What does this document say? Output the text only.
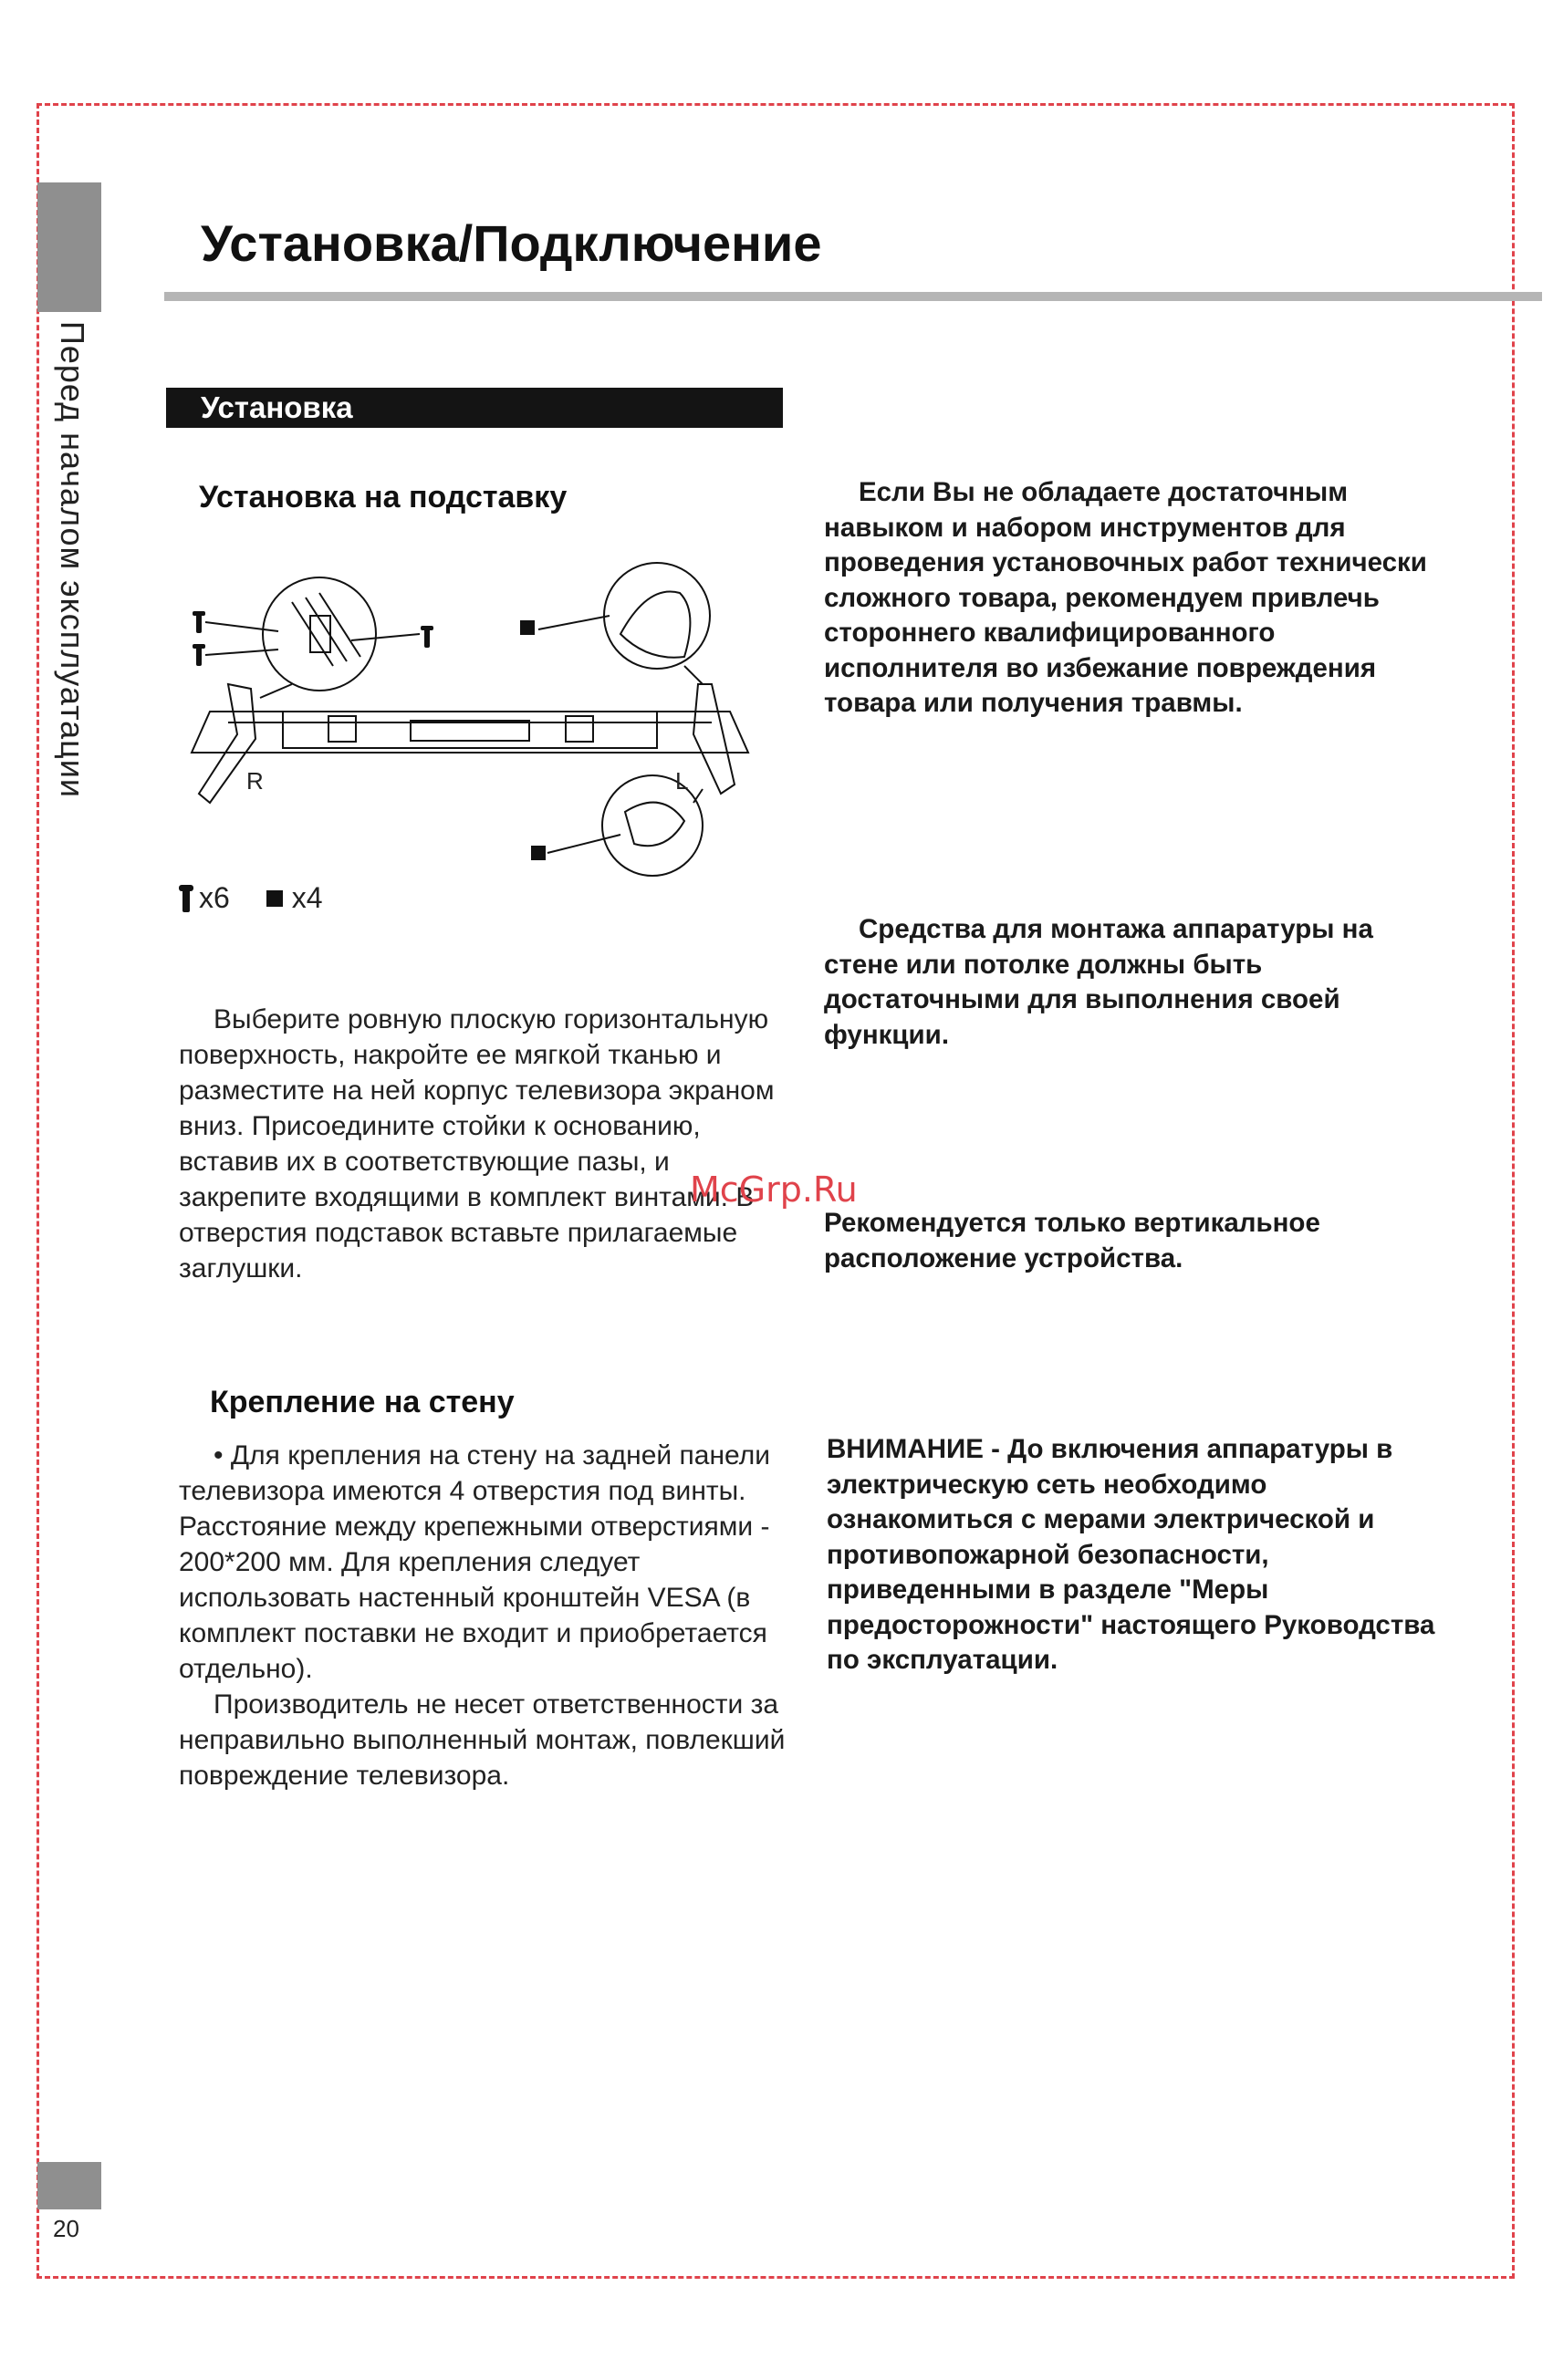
Перед началом эксплуатации
20
Установка/Подключение
Установка
Установка на подставку
R	L
x6 x4

Выберите ровную плоскую горизонтальную поверхность, накройте ее мягкой тканью и разместите на ней корпус телевизора экраном вниз. Присоедините стойки к основанию, вставив их в соответствующие пазы, и закрепите входящими в комплект винтами. В отверстия подставок вставьте прилагаемые заглушки.

McGrp.Ru
Крепление на стену

• Для крепления на стену на задней панели телевизора имеются 4 отверстия под винты. Расстояние между крепежными отверстиями - 200*200 мм. Для крепления следует использовать настенный кронштейн VESA (в комплект поставки не входит и приобретается отдельно).

Производитель не несет ответственности за неправильно выполненный монтаж, повлекший повреждение телевизора.

Если Вы не обладаете достаточным навыком и набором инструментов для проведения установочных работ технически сложного товара, рекомендуем привлечь стороннего квалифицированного исполнителя во избежание повреждения товара или получения травмы.

Средства для монтажа аппаратуры на стене или потолке должны быть достаточными для выполнения своей функции.

Рекомендуется только вертикальное расположение устройства.

ВНИМАНИЕ - До включения аппаратуры в электрическую сеть необходимо ознакомиться с мерами электрической и противопожарной безопасности, приведенными в разделе "Меры предосторожности" настоящего Руководства по эксплуатации.
